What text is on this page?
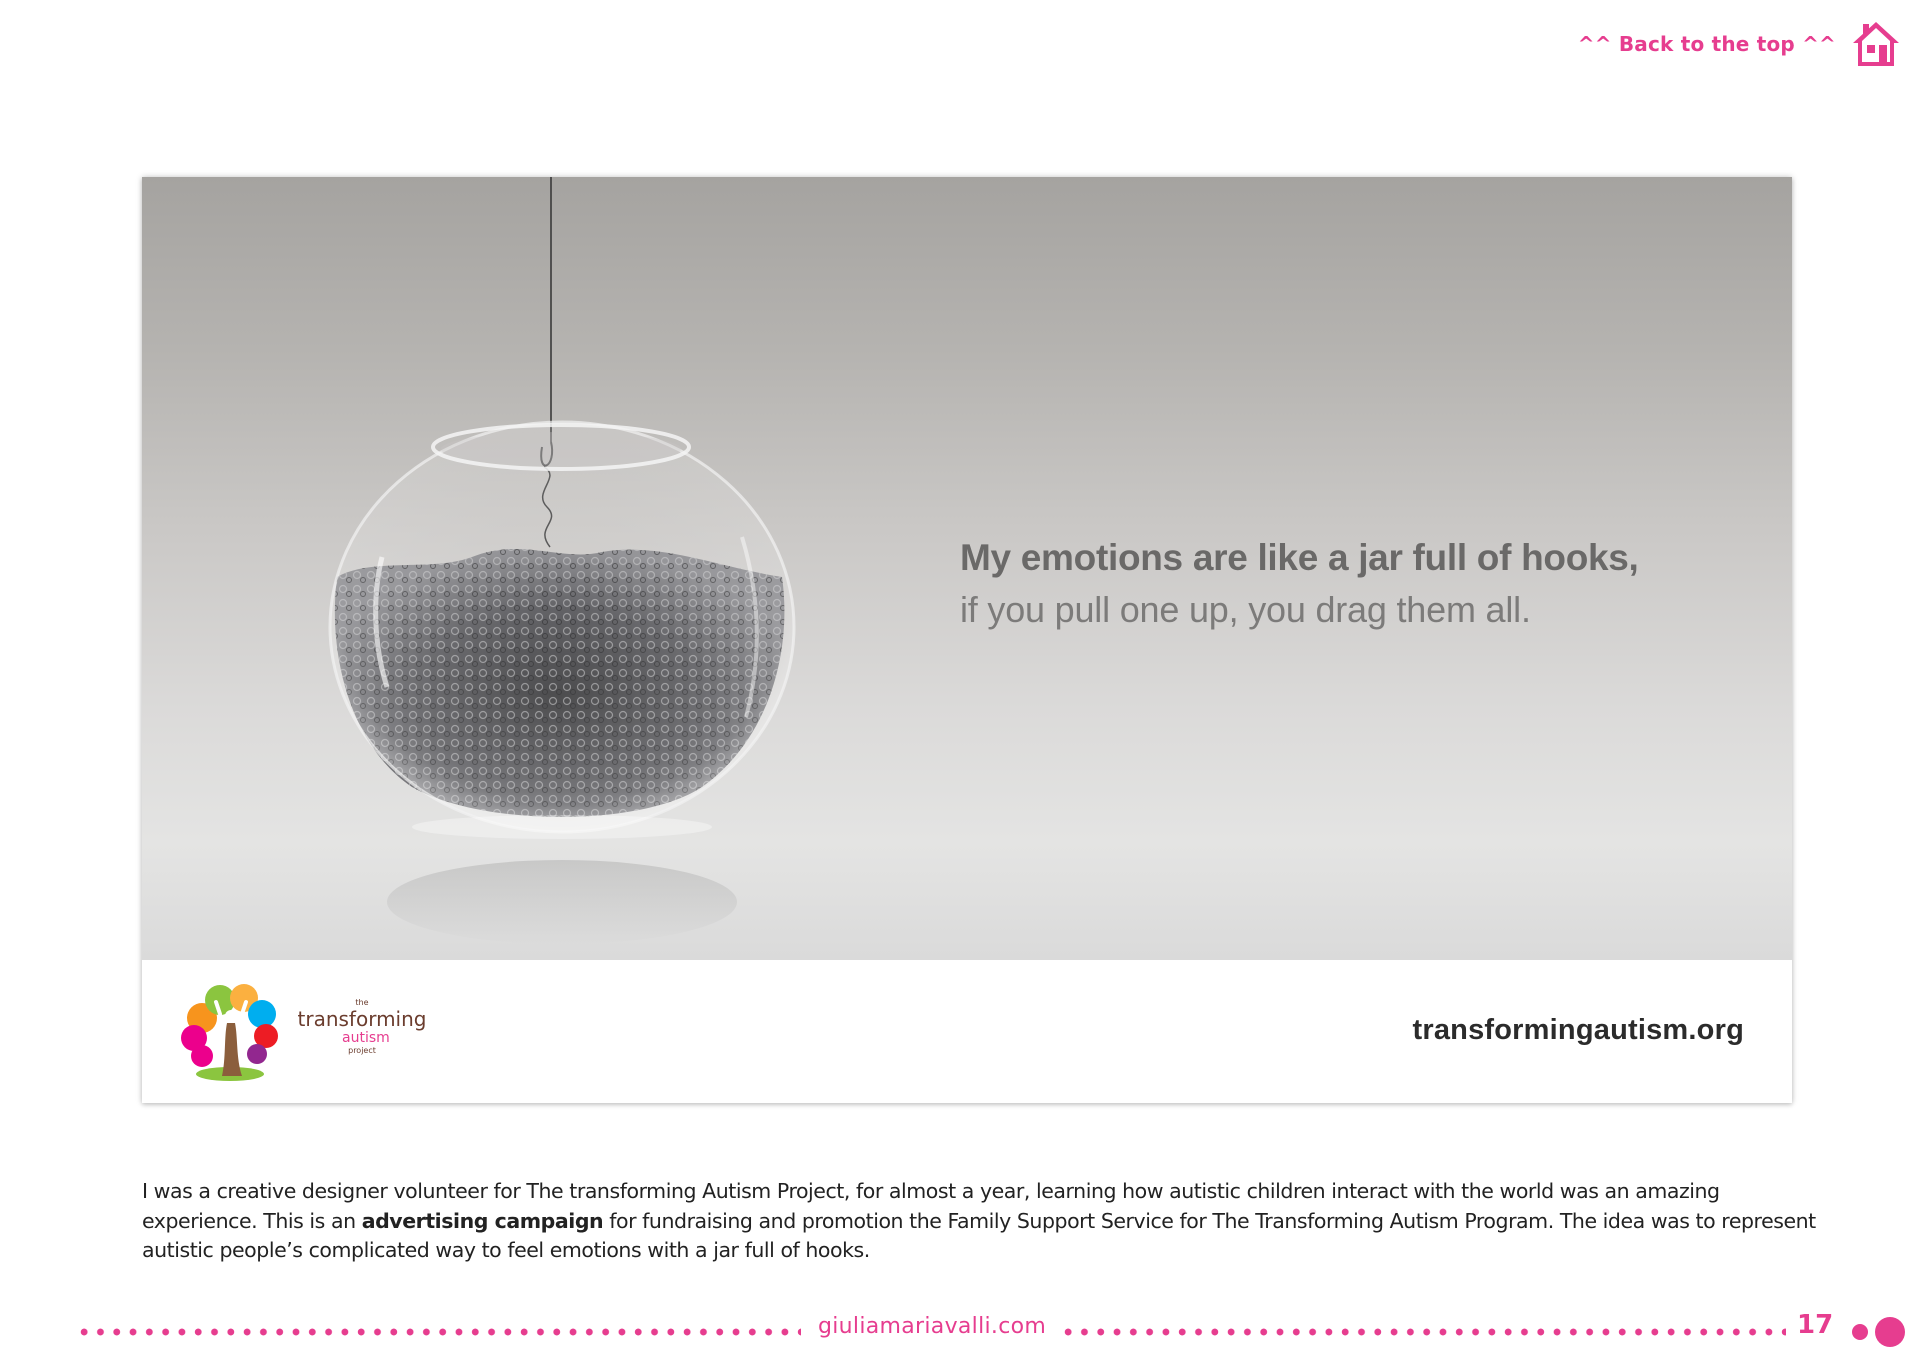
^^ Back to the top ^^
My emotions are like a jar full of hooks,
if you pull one up, you drag them all.
the
transforming
autism
project
transformingautism.org

I was a creative designer volunteer for The transforming Autism Project, for almost a year, learning how autistic children interact with the world was an amazing experience. This is an advertising campaign for fundraising and promotion the Family Support Service for The Transforming Autism Program. The idea was to represent autistic people’s complicated way to feel emotions with a jar full of hooks.

giuliamariavalli.com	17
